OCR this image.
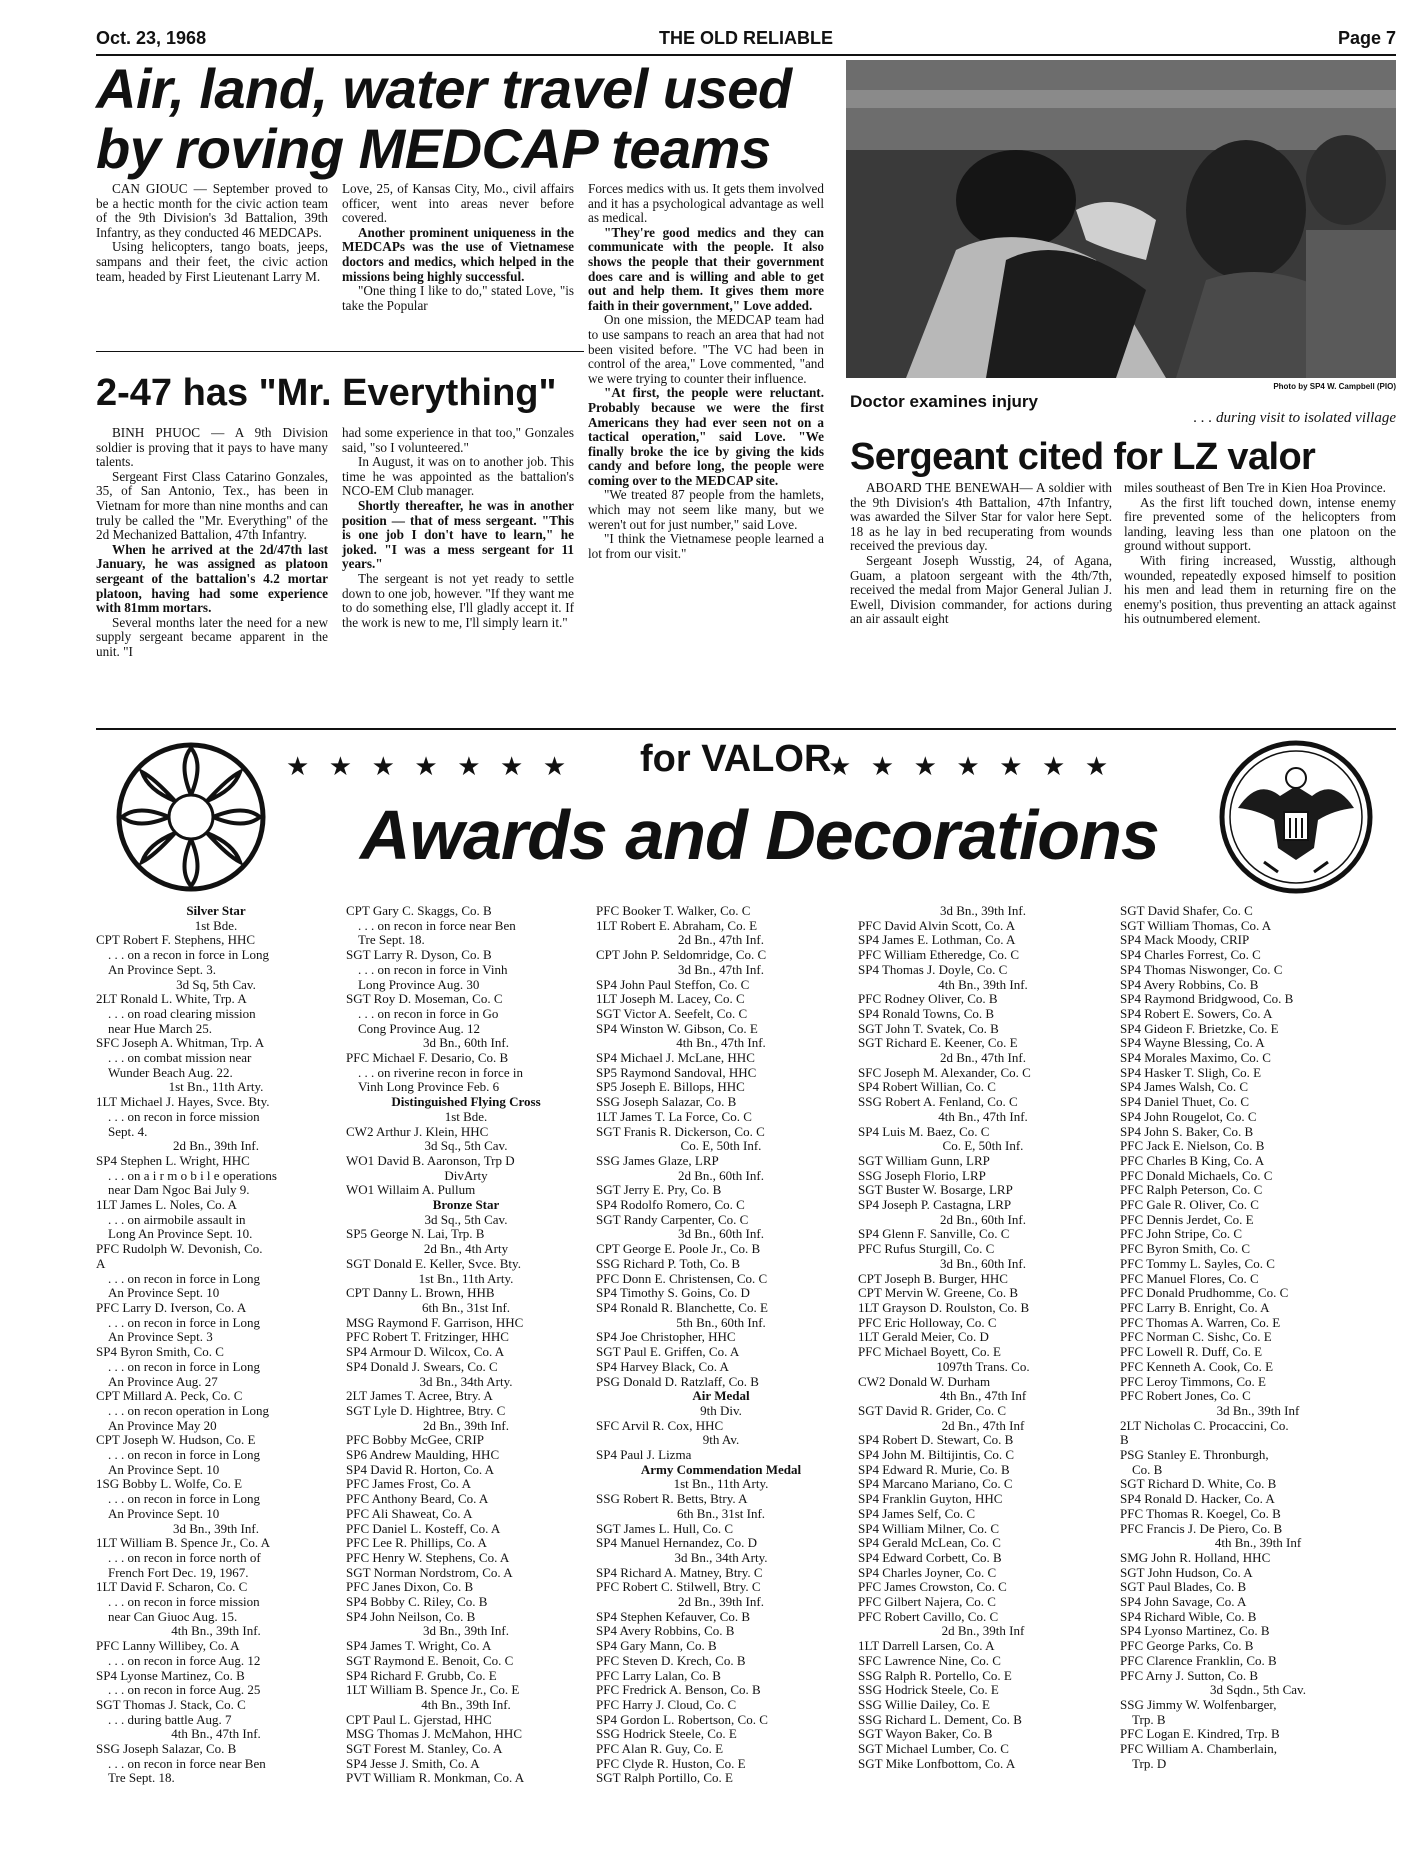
Oct. 23, 1968	THE OLD RELIABLE	Page 7
Air, land, water travel used
by roving MEDCAP teams

CAN GIOUC — September proved to be a hectic month for the civic action team of the 9th Division's 3d Battalion, 39th Infantry, as they conducted 46 MEDCAPs.

Using helicopters, tango boats, jeeps, sampans and their feet, the civic action team, headed by First Lieutenant Larry M.

Love, 25, of Kansas City, Mo., civil affairs officer, went into areas never before covered.

Another prominent uniqueness in the MEDCAPs was the use of Vietnamese doctors and medics, which helped in the missions being highly successful.

"One thing I like to do," stated Love, "is take the Popular

Forces medics with us. It gets them involved and it has a psychological advantage as well as medical.

"They're good medics and they can communicate with the people. It also shows the people that their government does care and is willing and able to get out and help them. It gives them more faith in their government," Love added.

On one mission, the MEDCAP team had to use sampans to reach an area that had not been visited before. "The VC had been in control of the area," Love commented, "and we were trying to counter their influence.

"At first, the people were reluctant. Probably because we were the first Americans they had ever seen not on a tactical operation," said Love. "We finally broke the ice by giving the kids candy and before long, the people were coming over to the MEDCAP site.

"We treated 87 people from the hamlets, which may not seem like many, but we weren't out for just number," said Love.

"I think the Vietnamese people learned a lot from our visit."

2-47 has "Mr. Everything"

BINH PHUOC — A 9th Division soldier is proving that it pays to have many talents.

Sergeant First Class Catarino Gonzales, 35, of San Antonio, Tex., has been in Vietnam for more than nine months and can truly be called the "Mr. Everything" of the 2d Mechanized Battalion, 47th Infantry.

When he arrived at the 2d/47th last January, he was assigned as platoon sergeant of the battalion's 4.2 mortar platoon, having had some experience with 81mm mortars.

Several months later the need for a new supply sergeant became apparent in the unit. "I

had some experience in that too," Gonzales said, "so I volunteered."

In August, it was on to another job. This time he was appointed as the battalion's NCO-EM Club manager.

Shortly thereafter, he was in another position — that of mess sergeant. "This is one job I don't have to learn," he joked. "I was a mess sergeant for 11 years."

The sergeant is not yet ready to settle down to one job, however. "If they want me to do something else, I'll gladly accept it. If the work is new to me, I'll simply learn it."

Photo by SP4 W. Campbell (PIO)
Doctor examines injury
. . . during visit to isolated village
Sergeant cited for LZ valor

ABOARD THE BENEWAH— A soldier with the 9th Division's 4th Battalion, 47th Infantry, was awarded the Silver Star for valor here Sept. 18 as he lay in bed recuperating from wounds received the previous day.

Sergeant Joseph Wusstig, 24, of Agana, Guam, a platoon sergeant with the 4th/7th, received the medal from Major General Julian J. Ewell, Division commander, for actions during an air assault eight

miles southeast of Ben Tre in Kien Hoa Province.

As the first lift touched down, intense enemy fire prevented some of the helicopters from landing, leaving less than one platoon on the ground without support.

With firing increased, Wusstig, although wounded, repeatedly exposed himself to position his men and lead them in returning fire on the enemy's position, thus preventing an attack against his outnumbered element.

★   ★   ★   ★   ★   ★   ★ for VALOR
★   ★   ★   ★   ★   ★   ★
Awards and Decorations
Silver Star
1st Bde.
CPT Robert F. Stephens, HHC
. . . on a recon in force in Long
An Province Sept. 3.
3d Sq, 5th Cav.
2LT Ronald L. White, Trp. A
. . . on road clearing mission
near Hue March 25.
SFC Joseph A. Whitman, Trp. A
. . . on combat mission near
Wunder Beach Aug. 22.
1st Bn., 11th Arty.
1LT Michael J. Hayes, Svce. Bty.
. . . on recon in force mission
Sept. 4.
2d Bn., 39th Inf.
SP4 Stephen L. Wright, HHC
. . . on a i r m o b i l e operations
near Dam Ngoc Bai July 9.
1LT James L. Noles, Co. A
. . . on airmobile assault in
Long An Province Sept. 10.
PFC Rudolph W. Devonish, Co.
A
. . . on recon in force in Long
An Province Sept. 10
PFC Larry D. Iverson, Co. A
. . . on recon in force in Long
An Province Sept. 3
SP4 Byron Smith, Co. C
. . . on recon in force in Long
An Province Aug. 27
CPT Millard A. Peck, Co. C
. . . on recon operation in Long
An Province May 20
CPT Joseph W. Hudson, Co. E
. . . on recon in force in Long
An Province Sept. 10
1SG Bobby L. Wolfe, Co. E
. . . on recon in force in Long
An Province Sept. 10
3d Bn., 39th Inf.
1LT William B. Spence Jr., Co. A
. . . on recon in force north of
French Fort Dec. 19, 1967.
1LT David F. Scharon, Co. C
. . . on recon in force mission
near Can Giuoc Aug. 15.
4th Bn., 39th Inf.
PFC Lanny Willibey, Co. A
. . . on recon in force Aug. 12
SP4 Lyonse Martinez, Co. B
. . . on recon in force Aug. 25
SGT Thomas J. Stack, Co. C
. . . during battle Aug. 7
4th Bn., 47th Inf.
SSG Joseph Salazar, Co. B
. . . on recon in force near Ben
Tre Sept. 18.
CPT Gary C. Skaggs, Co. B
. . . on recon in force near Ben
Tre Sept. 18.
SGT Larry R. Dyson, Co. B
. . . on recon in force in Vinh
Long Province Aug. 30
SGT Roy D. Moseman, Co. C
. . . on recon in force in Go
Cong Province Aug. 12
3d Bn., 60th Inf.
PFC Michael F. Desario, Co. B
. . . on riverine recon in force in
Vinh Long Province Feb. 6
Distinguished Flying Cross
1st Bde.
CW2 Arthur J. Klein, HHC
3d Sq., 5th Cav.
WO1 David B. Aaronson, Trp D
DivArty
WO1 Willaim A. Pullum
Bronze Star
3d Sq., 5th Cav.
SP5 George N. Lai, Trp. B
2d Bn., 4th Arty
SGT Donald E. Keller, Svce. Bty.
1st Bn., 11th Arty.
CPT Danny L. Brown, HHB
6th Bn., 31st Inf.
MSG Raymond F. Garrison, HHC
PFC Robert T. Fritzinger, HHC
SP4 Armour D. Wilcox, Co. A
SP4 Donald J. Swears, Co. C
3d Bn., 34th Arty.
2LT James T. Acree, Btry. A
SGT Lyle D. Hightree, Btry. C
2d Bn., 39th Inf.
PFC Bobby McGee, CRIP
SP6 Andrew Maulding, HHC
SP4 David R. Horton, Co. A
PFC James Frost, Co. A
PFC Anthony Beard, Co. A
PFC Ali Shaweat, Co. A
PFC Daniel L. Kosteff, Co. A
PFC Lee R. Phillips, Co. A
PFC Henry W. Stephens, Co. A
SGT Norman Nordstrom, Co. A
PFC Janes Dixon, Co. B
SP4 Bobby C. Riley, Co. B
SP4 John Neilson, Co. B
3d Bn., 39th Inf.
SP4 James T. Wright, Co. A
SGT Raymond E. Benoit, Co. C
SP4 Richard F. Grubb, Co. E
1LT William B. Spence Jr., Co. E
4th Bn., 39th Inf.
CPT Paul L. Gjerstad, HHC
MSG Thomas J. McMahon, HHC
SGT Forest M. Stanley, Co. A
SP4 Jesse J. Smith, Co. A
PVT William R. Monkman, Co. A
PFC Booker T. Walker, Co. C
1LT Robert E. Abraham, Co. E
2d Bn., 47th Inf.
CPT John P. Seldomridge, Co. C
3d Bn., 47th Inf.
SP4 John Paul Steffon, Co. C
1LT Joseph M. Lacey, Co. C
SGT Victor A. Seefelt, Co. C
SP4 Winston W. Gibson, Co. E
4th Bn., 47th Inf.
SP4 Michael J. McLane, HHC
SP5 Raymond Sandoval, HHC
SP5 Joseph E. Billops, HHC
SSG Joseph Salazar, Co. B
1LT James T. La Force, Co. C
SGT Franis R. Dickerson, Co. C
Co. E, 50th Inf.
SSG James Glaze, LRP
2d Bn., 60th Inf.
SGT Jerry E. Pry, Co. B
SP4 Rodolfo Romero, Co. C
SGT Randy Carpenter, Co. C
3d Bn., 60th Inf.
CPT George E. Poole Jr., Co. B
SSG Richard P. Toth, Co. B
PFC Donn E. Christensen, Co. C
SP4 Timothy S. Goins, Co. D
SP4 Ronald R. Blanchette, Co. E
5th Bn., 60th Inf.
SP4 Joe Christopher, HHC
SGT Paul E. Griffen, Co. A
SP4 Harvey Black, Co. A
PSG Donald D. Ratzlaff, Co. B
Air Medal
9th Div.
SFC Arvil R. Cox, HHC
9th Av.
SP4 Paul J. Lizma
Army Commendation Medal
1st Bn., 11th Arty.
SSG Robert R. Betts, Btry. A
6th Bn., 31st Inf.
SGT James L. Hull, Co. C
SP4 Manuel Hernandez, Co. D
3d Bn., 34th Arty.
SP4 Richard A. Matney, Btry. C
PFC Robert C. Stilwell, Btry. C
2d Bn., 39th Inf.
SP4 Stephen Kefauver, Co. B
SP4 Avery Robbins, Co. B
SP4 Gary Mann, Co. B
PFC Steven D. Krech, Co. B
PFC Larry Lalan, Co. B
PFC Fredrick A. Benson, Co. B
PFC Harry J. Cloud, Co. C
SP4 Gordon L. Robertson, Co. C
SSG Hodrick Steele, Co. E
PFC Alan R. Guy, Co. E
PFC Clyde R. Huston, Co. E
SGT Ralph Portillo, Co. E
3d Bn., 39th Inf.
PFC David Alvin Scott, Co. A
SP4 James E. Lothman, Co. A
PFC William Etheredge, Co. C
SP4 Thomas J. Doyle, Co. C
4th Bn., 39th Inf.
PFC Rodney Oliver, Co. B
SP4 Ronald Towns, Co. B
SGT John T. Svatek, Co. B
SGT Richard E. Keener, Co. E
2d Bn., 47th Inf.
SFC Joseph M. Alexander, Co. C
SP4 Robert Willian, Co. C
SSG Robert A. Fenland, Co. C
4th Bn., 47th Inf.
SP4 Luis M. Baez, Co. C
Co. E, 50th Inf.
SGT William Gunn, LRP
SSG Joseph Florio, LRP
SGT Buster W. Bosarge, LRP
SP4 Joseph P. Castagna, LRP
2d Bn., 60th Inf.
SP4 Glenn F. Sanville, Co. C
PFC Rufus Sturgill, Co. C
3d Bn., 60th Inf.
CPT Joseph B. Burger, HHC
CPT Mervin W. Greene, Co. B
1LT Grayson D. Roulston, Co. B
PFC Eric Holloway, Co. C
1LT Gerald Meier, Co. D
PFC Michael Boyett, Co. E
1097th Trans. Co.
CW2 Donald W. Durham
4th Bn., 47th Inf
SGT David R. Grider, Co. C
2d Bn., 47th Inf
SP4 Robert D. Stewart, Co. B
SP4 John M. Biltijintis, Co. C
SP4 Edward R. Murie, Co. B
SP4 Marcano Mariano, Co. C
SP4 Franklin Guyton, HHC
SP4 James Self, Co. C
SP4 William Milner, Co. C
SP4 Gerald McLean, Co. C
SP4 Edward Corbett, Co. B
SP4 Charles Joyner, Co. C
PFC James Crowston, Co. C
PFC Gilbert Najera, Co. C
PFC Robert Cavillo, Co. C
2d Bn., 39th Inf
1LT Darrell Larsen, Co. A
SFC Lawrence Nine, Co. C
SSG Ralph R. Portello, Co. E
SSG Hodrick Steele, Co. E
SSG Willie Dailey, Co. E
SSG Richard L. Dement, Co. B
SGT Wayon Baker, Co. B
SGT Michael Lumber, Co. C
SGT Mike Lonfbottom, Co. A
SGT David Shafer, Co. C
SGT William Thomas, Co. A
SP4 Mack Moody, CRIP
SP4 Charles Forrest, Co. C
SP4 Thomas Niswonger, Co. C
SP4 Avery Robbins, Co. B
SP4 Raymond Bridgwood, Co. B
SP4 Robert E. Sowers, Co. A
SP4 Gideon F. Brietzke, Co. E
SP4 Wayne Blessing, Co. A
SP4 Morales Maximo, Co. C
SP4 Hasker T. Sligh, Co. E
SP4 James Walsh, Co. C
SP4 Daniel Thuet, Co. C
SP4 John Rougelot, Co. C
SP4 John S. Baker, Co. B
PFC Jack E. Nielson, Co. B
PFC Charles B King, Co. A
PFC Donald Michaels, Co. C
PFC Ralph Peterson, Co. C
PFC Gale R. Oliver, Co. C
PFC Dennis Jerdet, Co. E
PFC John Stripe, Co. C
PFC Byron Smith, Co. C
PFC Tommy L. Sayles, Co. C
PFC Manuel Flores, Co. C
PFC Donald Prudhomme, Co. C
PFC Larry B. Enright, Co. A
PFC Thomas A. Warren, Co. E
PFC Norman C. Sishc, Co. E
PFC Lowell R. Duff, Co. E
PFC Kenneth A. Cook, Co. E
PFC Leroy Timmons, Co. E
PFC Robert Jones, Co. C
3d Bn., 39th Inf
2LT Nicholas C. Procaccini, Co.
B
PSG Stanley E. Thronburgh,
Co. B
SGT Richard D. White, Co. B
SP4 Ronald D. Hacker, Co. A
PFC Thomas R. Koegel, Co. B
PFC Francis J. De Piero, Co. B
4th Bn., 39th Inf
SMG John R. Holland, HHC
SGT John Hudson, Co. A
SGT Paul Blades, Co. B
SP4 John Savage, Co. A
SP4 Richard Wible, Co. B
SP4 Lyonso Martinez, Co. B
PFC George Parks, Co. B
PFC Clarence Franklin, Co. B
PFC Arny J. Sutton, Co. B
3d Sqdn., 5th Cav.
SSG Jimmy W. Wolfenbarger,
Trp. B
PFC Logan E. Kindred, Trp. B
PFC William A. Chamberlain,
Trp. D
